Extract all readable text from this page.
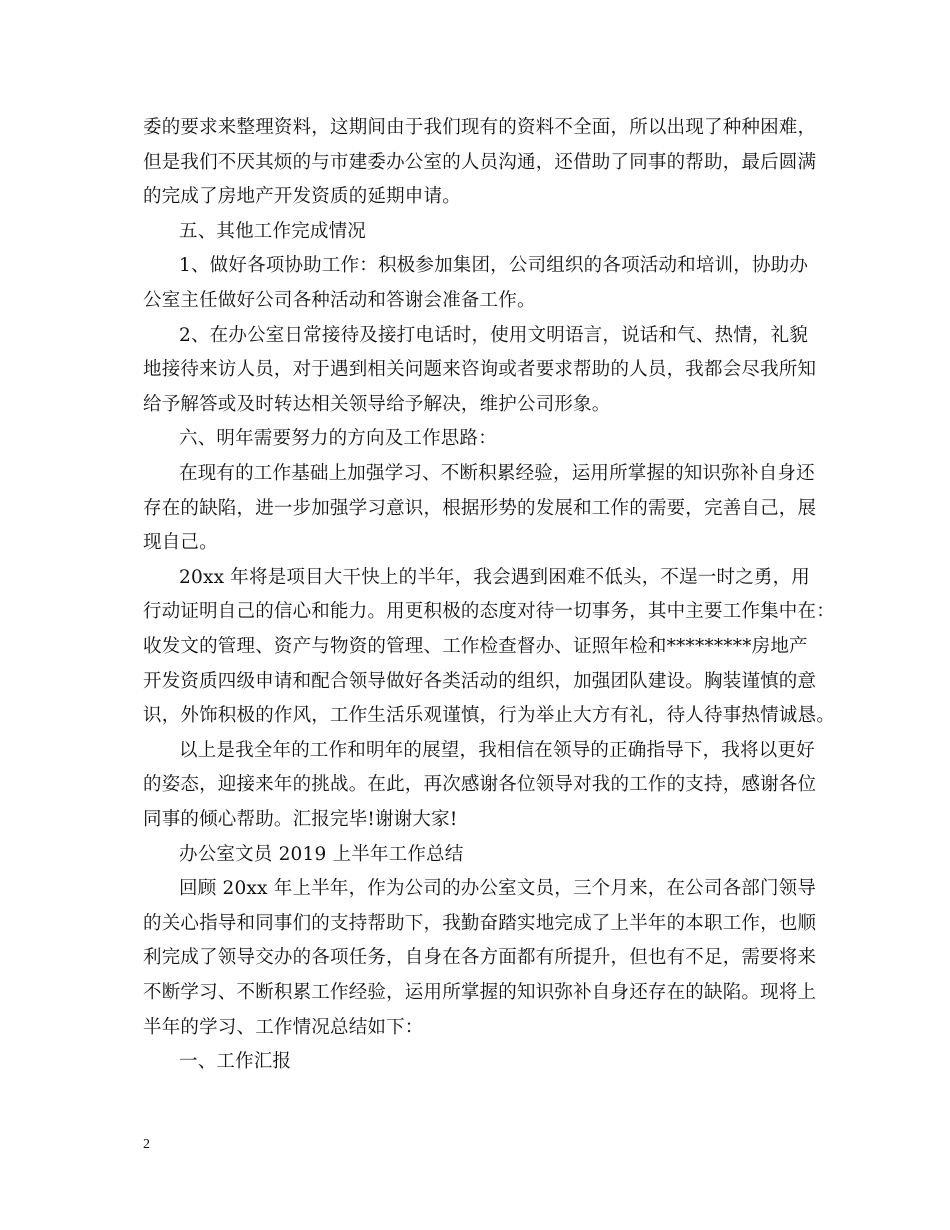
委的要求来整理资料，这期间由于我们现有的资料不全面，所以出现了种种困难，
但是我们不厌其烦的与市建委办公室的人员沟通，还借助了同事的帮助，最后圆满
的完成了房地产开发资质的延期申请。
五、其他工作完成情况
1、做好各项协助工作：积极参加集团，公司组织的各项活动和培训，协助办
公室主任做好公司各种活动和答谢会准备工作。
2、在办公室日常接待及接打电话时，使用文明语言，说话和气、热情，礼貌
地接待来访人员，对于遇到相关问题来咨询或者要求帮助的人员，我都会尽我所知
给予解答或及时转达相关领导给予解决，维护公司形象。
六、明年需要努力的方向及工作思路：
在现有的工作基础上加强学习、不断积累经验，运用所掌握的知识弥补自身还
存在的缺陷，进一步加强学习意识，根据形势的发展和工作的需要，完善自己，展
现自己。
20xx 年将是项目大干快上的半年，我会遇到困难不低头，不逞一时之勇，用
行动证明自己的信心和能力。用更积极的态度对待一切事务，其中主要工作集中在：
收发文的管理、资产与物资的管理、工作检查督办、证照年检和*********房地产
开发资质四级申请和配合领导做好各类活动的组织，加强团队建设。胸装谨慎的意
识，外饰积极的作风，工作生活乐观谨慎，行为举止大方有礼，待人待事热情诚恳。
以上是我全年的工作和明年的展望，我相信在领导的正确指导下，我将以更好
的姿态，迎接来年的挑战。在此，再次感谢各位领导对我的工作的支持，感谢各位
同事的倾心帮助。汇报完毕!谢谢大家!
办公室文员 2019 上半年工作总结
回顾 20xx 年上半年，作为公司的办公室文员，三个月来，在公司各部门领导
的关心指导和同事们的支持帮助下，我勤奋踏实地完成了上半年的本职工作，也顺
利完成了领导交办的各项任务，自身在各方面都有所提升，但也有不足，需要将来
不断学习、不断积累工作经验，运用所掌握的知识弥补自身还存在的缺陷。现将上
半年的学习、工作情况总结如下：
一、工作汇报
2
